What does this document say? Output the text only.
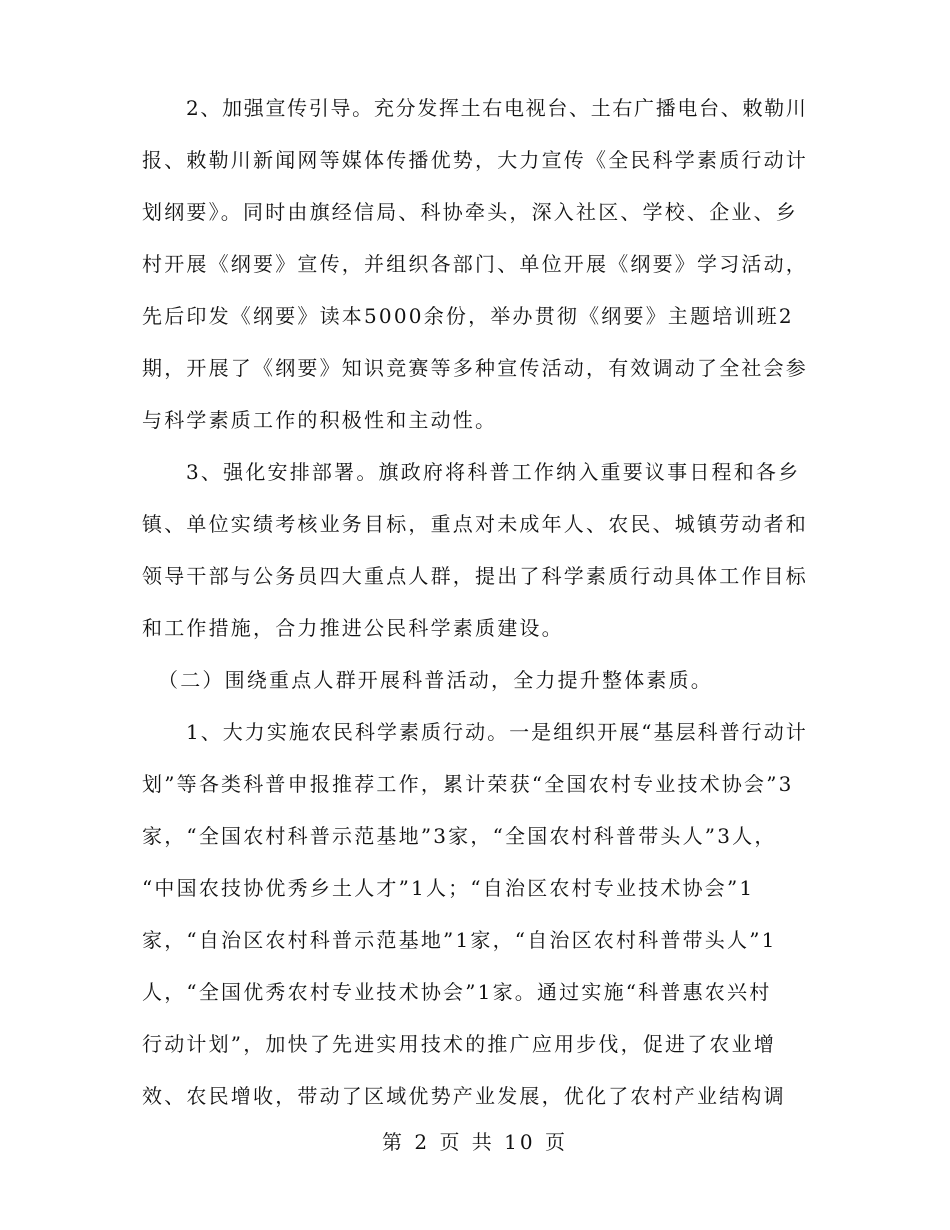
2、加强宣传引导。充分发挥土右电视台、土右广播电台、敕勒川

报、敕勒川新闻网等媒体传播优势，大力宣传《全民科学素质行动计

划纲要》。同时由旗经信局、科协牵头，深入社区、学校、企业、乡

村开展《纲要》宣传，并组织各部门、单位开展《纲要》学习活动，

先后印发《纲要》读本5000余份，举办贯彻《纲要》主题培训班2

期，开展了《纲要》知识竞赛等多种宣传活动，有效调动了全社会参

与科学素质工作的积极性和主动性。

3、强化安排部署。旗政府将科普工作纳入重要议事日程和各乡

镇、单位实绩考核业务目标，重点对未成年人、农民、城镇劳动者和

领导干部与公务员四大重点人群，提出了科学素质行动具体工作目标

和工作措施，合力推进公民科学素质建设。

（二）围绕重点人群开展科普活动，全力提升整体素质。

1、大力实施农民科学素质行动。一是组织开展“基层科普行动计

划”等各类科普申报推荐工作，累计荣获“全国农村专业技术协会”3

家，“全国农村科普示范基地”3家，“全国农村科普带头人”3人，

“中国农技协优秀乡土人才”1人；“自治区农村专业技术协会”1

家，“自治区农村科普示范基地”1家，“自治区农村科普带头人”1

人，“全国优秀农村专业技术协会”1家。通过实施“科普惠农兴村

行动计划”，加快了先进实用技术的推广应用步伐，促进了农业增

效、农民增收，带动了区域优势产业发展，优化了农村产业结构调

第 2 页 共 10 页
